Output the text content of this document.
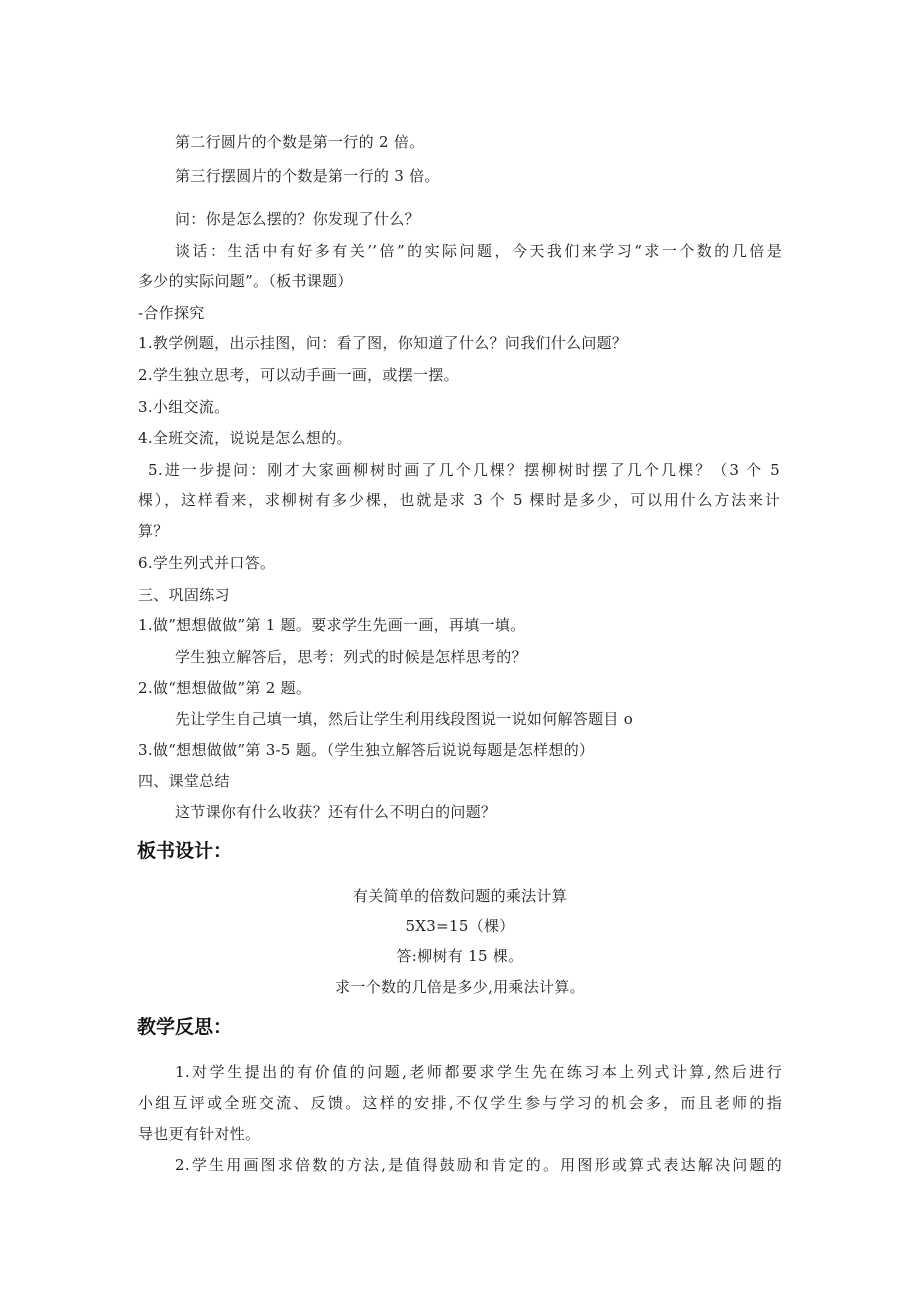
第二行圆片的个数是第一行的 2 倍。

第三行摆圆片的个数是第一行的 3 倍。

问：你是怎么摆的？你发现了什么？

谈话：生活中有好多有关’’倍”的实际问题，今天我们来学习“求一个数的几倍是

多少的实际问题”。（板书课题）

-合作探究

1.教学例题，出示挂图，问：看了图，你知道了什么？问我们什么问题？

2.学生独立思考，可以动手画一画，或摆一摆。

3.小组交流。

4.全班交流，说说是怎么想的。

5.进一步提问：刚才大家画柳树时画了几个几棵？摆柳树时摆了几个几棵？（3 个 5

棵），这样看来，求柳树有多少棵，也就是求 3 个 5 棵时是多少，可以用什么方法来计

算？

6.学生列式并口答。

三、巩固练习

1.做”想想做做”第 1 题。要求学生先画一画，再填一填。

学生独立解答后，思考：列式的时候是怎样思考的？

2.做“想想做做”第 2 题。

先让学生自己填一填，然后让学生利用线段图说一说如何解答题目 o

3.做“想想做做”第 3-5 题。（学生独立解答后说说每题是怎样想的）

四、课堂总结

这节课你有什么收获？还有什么不明白的问题？

板书设计：

有关简单的倍数问题的乘法计算

5X3=15（棵）

答:柳树有 15 棵。

求一个数的几倍是多少,用乘法计算。

教学反思：

1.对学生提出的有价值的问题,老师都要求学生先在练习本上列式计算,然后进行

小组互评或全班交流、反馈。这样的安排,不仅学生参与学习的机会多，而且老师的指

导也更有针对性。

2.学生用画图求倍数的方法,是值得鼓励和肯定的。用图形或算式表达解决问题的
